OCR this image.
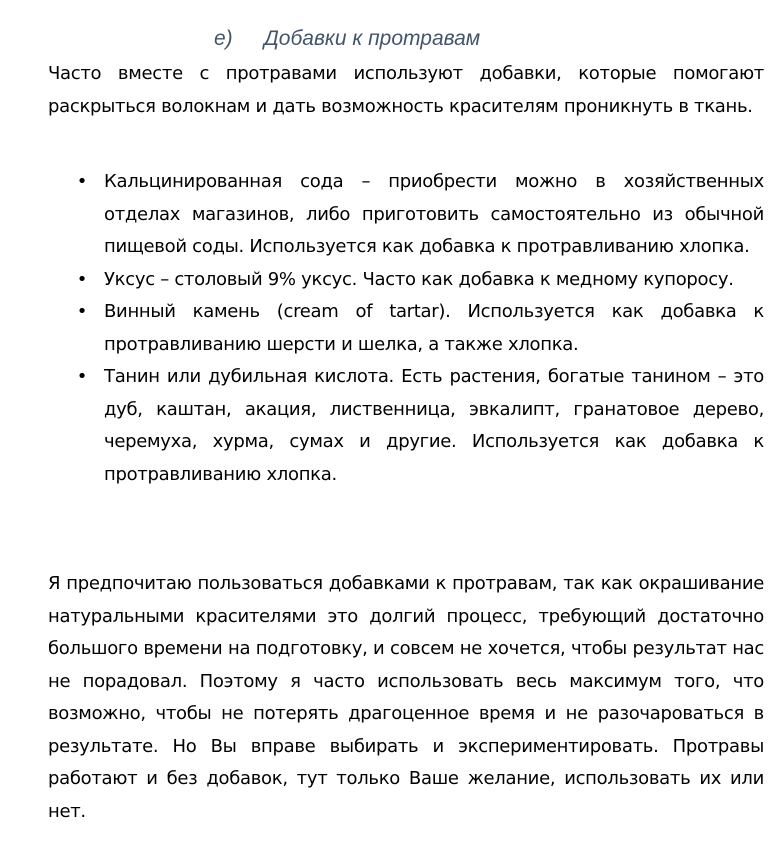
e) Добавки к протравам

Часто вместе с протравами используют добавки, которые помогают раскрыться волокнам и дать возможность красителям проникнуть в ткань.

• Кальцинированная сода – приобрести можно в хозяйственных отделах магазинов, либо приготовить самостоятельно из обычной пищевой соды. Используется как добавка к протравливанию хлопка.
• Уксус – столовый 9% уксус. Часто как добавка к медному купоросу.
• Винный камень (cream of tartar). Используется как добавка к протравливанию шерсти и шелка, а также хлопка.
• Танин или дубильная кислота. Есть растения, богатые танином – это дуб, каштан, акация, лиственница, эвкалипт, гранатовое дерево, черемуха, хурма, сумах и другие. Используется как добавка к протравливанию хлопка.

Я предпочитаю пользоваться добавками к протравам, так как окрашивание натуральными красителями это долгий процесс, требующий достаточно большого времени на подготовку, и совсем не хочется, чтобы результат нас не порадовал. Поэтому я часто использовать весь максимум того, что возможно, чтобы не потерять драгоценное время и не разочароваться в результате. Но Вы вправе выбирать и экспериментировать. Протравы работают и без добавок, тут только Ваше желание, использовать их или нет.
